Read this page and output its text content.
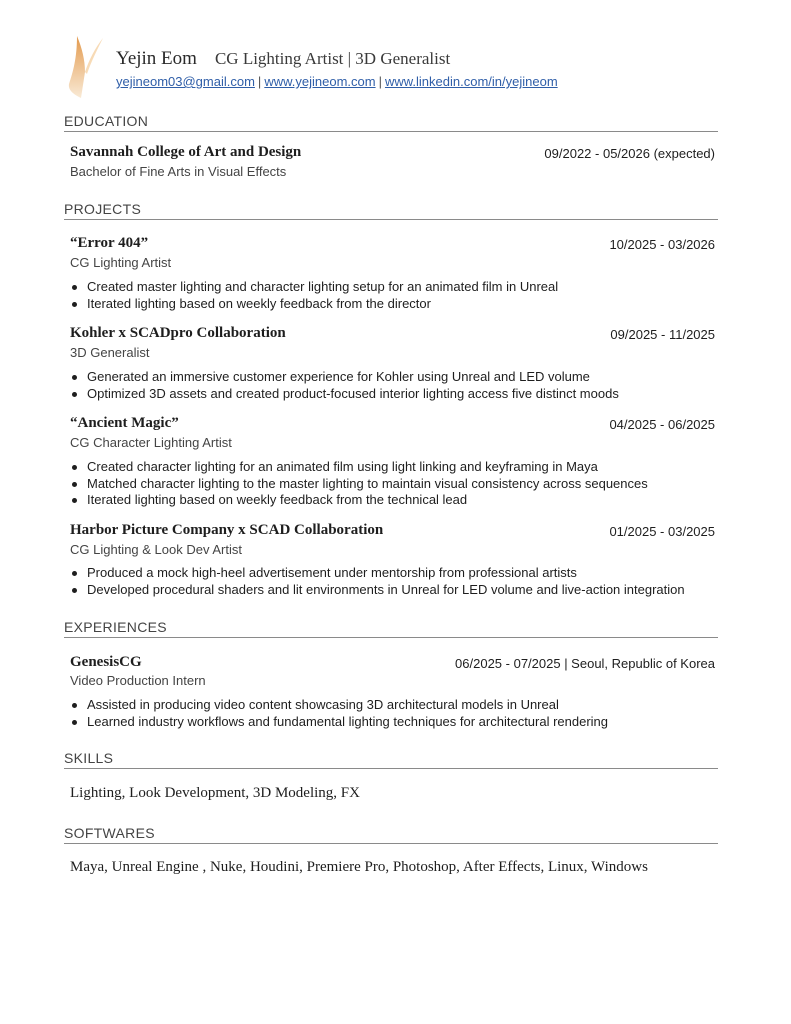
Yejin Eom CG Lighting Artist | 3D Generalist
yejineom03@gmail.com | www.yejineom.com | www.linkedin.com/in/yejineom
EDUCATION
Savannah College of Art and Design	09/2022 - 05/2026 (expected)
Bachelor of Fine Arts in Visual Effects
PROJECTS
“Error 404”	10/2025 - 03/2026
CG Lighting Artist
Created master lighting and character lighting setup for an animated film in Unreal
Iterated lighting based on weekly feedback from the director
Kohler x SCADpro Collaboration	09/2025 - 11/2025
3D Generalist
Generated an immersive customer experience for Kohler using Unreal and LED volume
Optimized 3D assets and created product-focused interior lighting access five distinct moods
“Ancient Magic”	04/2025 - 06/2025
CG Character Lighting Artist
Created character lighting for an animated film using light linking and keyframing in Maya
Matched character lighting to the master lighting to maintain visual consistency across sequences
Iterated lighting based on weekly feedback from the technical lead
Harbor Picture Company x SCAD Collaboration	01/2025 - 03/2025
CG Lighting & Look Dev Artist
Produced a mock high-heel advertisement under mentorship from professional artists
Developed procedural shaders and lit environments in Unreal for LED volume and live-action integration
EXPERIENCES
GenesisCG	06/2025 - 07/2025 | Seoul, Republic of Korea
Video Production Intern
Assisted in producing video content showcasing 3D architectural models in Unreal
Learned industry workflows and fundamental lighting techniques for architectural rendering
SKILLS
Lighting, Look Development, 3D Modeling, FX
SOFTWARES
Maya, Unreal Engine , Nuke, Houdini, Premiere Pro, Photoshop, After Effects, Linux, Windows
